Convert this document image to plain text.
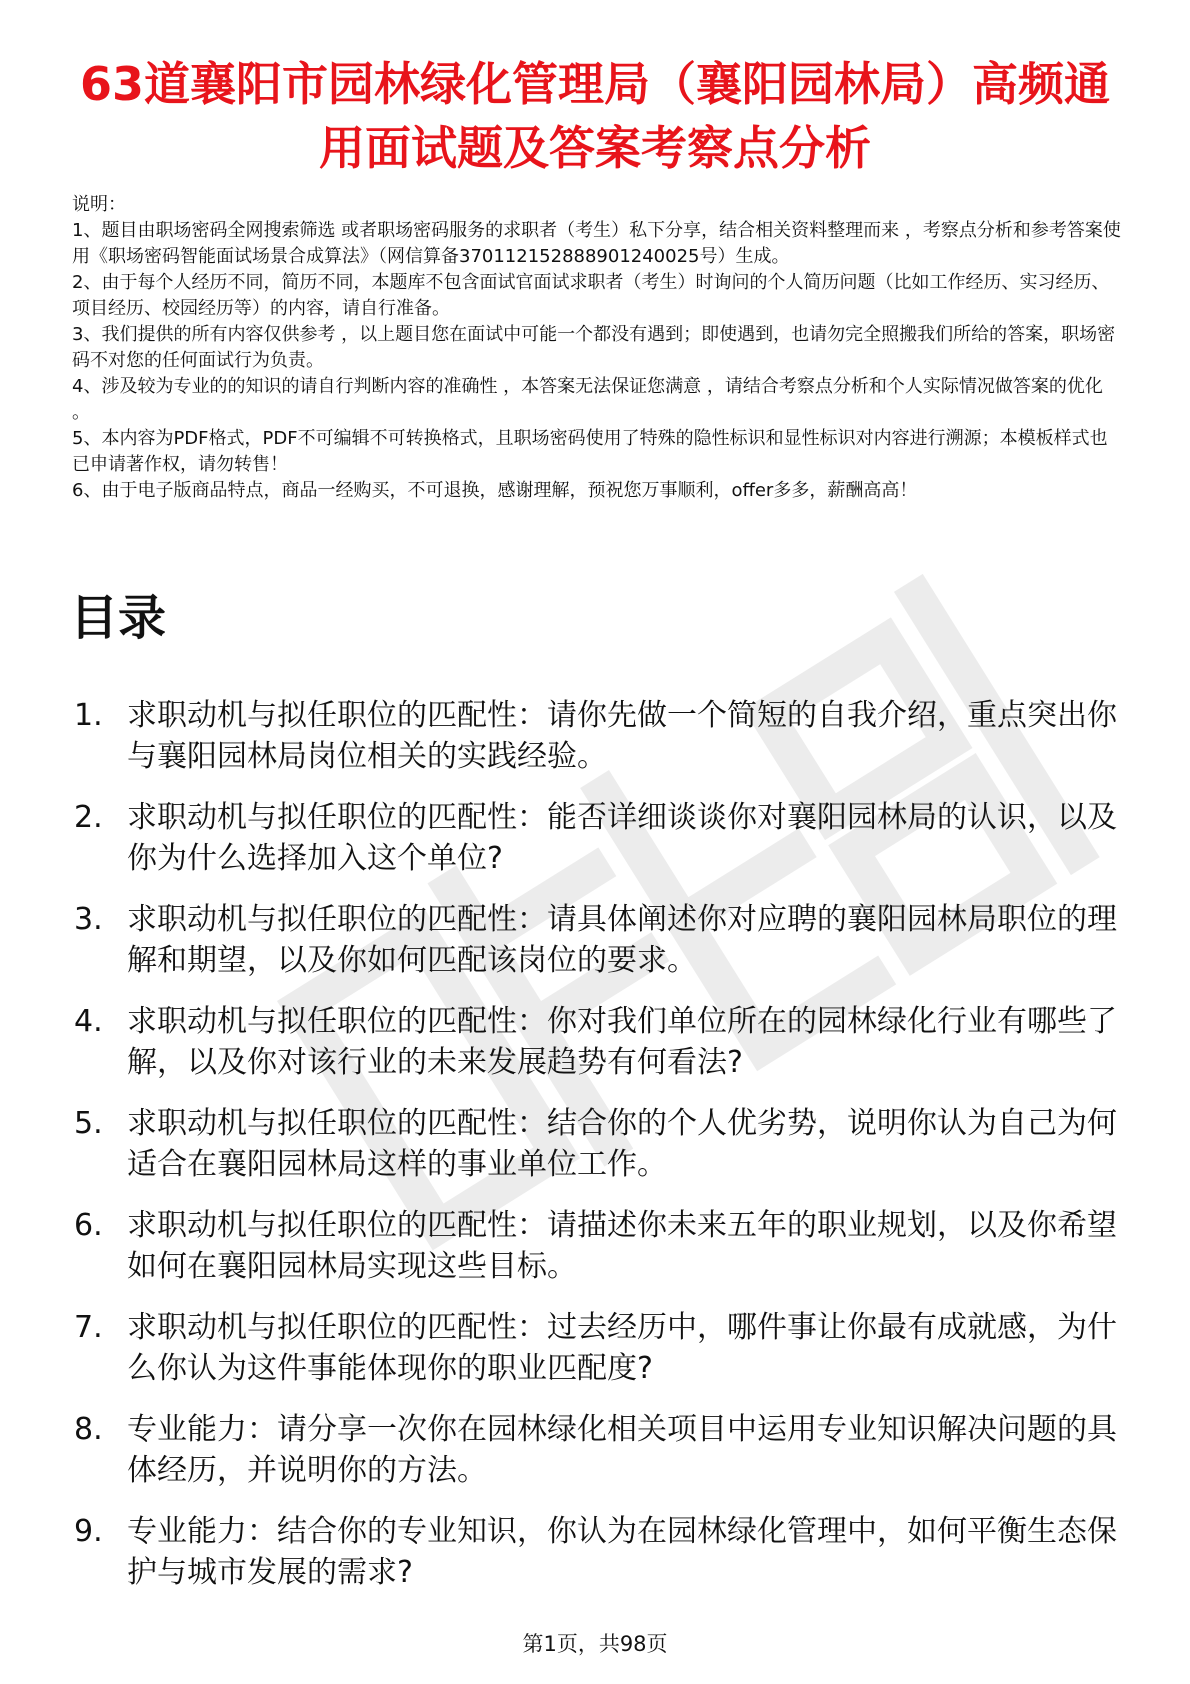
63道襄阳市园林绿化管理局（襄阳园林局）高频通用面试题及答案考察点分析
说明：
1、题目由职场密码全网搜索筛选 或者职场密码服务的求职者（考生）私下分享，结合相关资料整理而来 ，考察点分析和参考答案使用《职场密码智能面试场景合成算法》（网信算备3701121528889012400​25号）生成。
2、由于每个人经历不同，简历不同，本题库不包含面试官面试求职者（考生）时询问的个人简历问题（比如工作经历、实习经历、项目经历、校园经历等）的内容，请自行准备。
3、我们提供的所有内容仅供参考 ，以上题目您在面试中可能一个都没有遇到；即使遇到，也请勿完全照搬我们所给的答案，职场密码不对您的任何面试行为负责。
4、涉及较为专业的的知识的请自行判断内容的准确性 ，本答案无法保证您满意 ，请结合考察点分析和个人实际情况做答案的优化 。
5、本内容为PDF格式，PDF不可编辑不可转换格式，且职场密码使用了特殊的隐性标识和显性标识对内容进行溯源；本模板样式也已申请著作权，请勿转售！
6、由于电子版商品特点，商品一经购买，不可退换，感谢理解，预祝您万事顺利，offer多多，薪酬高高！
目录
1. 求职动机与拟任职位的匹配性：请你先做一个简短的自我介绍，重点突出你与襄阳园林局岗位相关的实践经验。
2. 求职动机与拟任职位的匹配性：能否详细谈谈你对襄阳园林局的认识，以及你为什么选择加入这个单位?
3. 求职动机与拟任职位的匹配性：请具体阐述你对应聘的襄阳园林局职位的理解和期望，以及你如何匹配该岗位的要求。
4. 求职动机与拟任职位的匹配性：你对我们单位所在的园林绿化行业有哪些了解，以及你对该行业的未来发展趋势有何看法?
5. 求职动机与拟任职位的匹配性：结合你的个人优劣势，说明你认为自己为何适合在襄阳园林局这样的事业单位工作。
6. 求职动机与拟任职位的匹配性：请描述你未来五年的职业规划，以及你希望如何在襄阳园林局实现这些目标。
7. 求职动机与拟任职位的匹配性：过去经历中，哪件事让你最有成就感，为什么你认为这件事能体现你的职业匹配度?
8. 专业能力：请分享一次你在园林绿化相关项目中运用专业知识解决问题的具体经历，并说明你的方法。
9. 专业能力：结合你的专业知识，你认为在园林绿化管理中，如何平衡生态保护与城市发展的需求?
第1页，共98页
